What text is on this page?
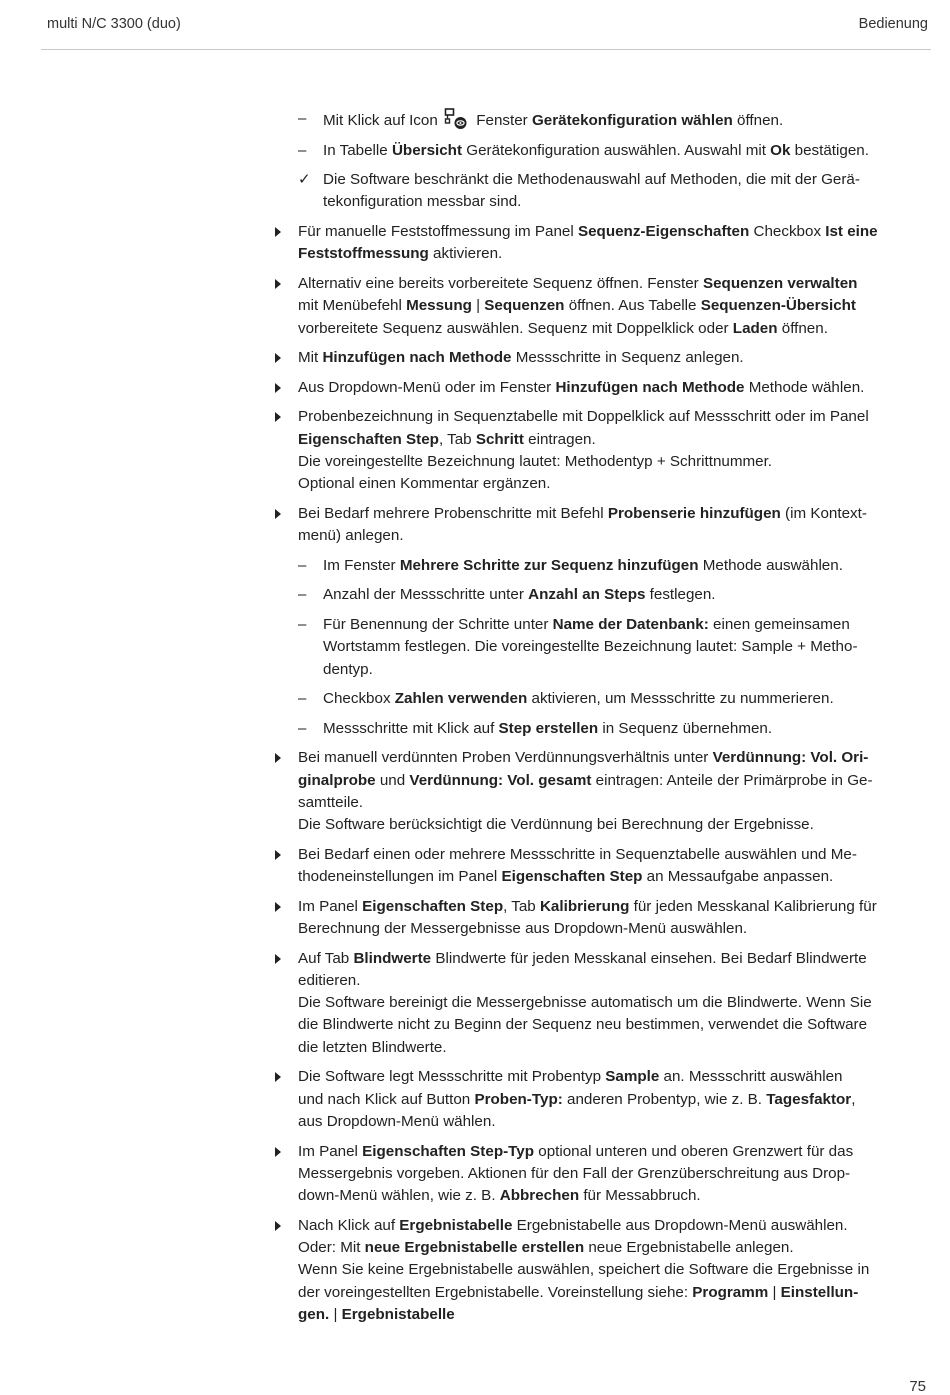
multi N/C 3300 (duo)	Bedienung
–	Mit Klick auf Icon  Fenster Gerätekonfiguration wählen öffnen.
–	In Tabelle Übersicht Gerätekonfiguration auswählen. Auswahl mit Ok bestätigen.
✓ Die Software beschränkt die Methodenauswahl auf Methoden, die mit der Gerä-
tekonfiguration messbar sind.
Für manuelle Feststoffmessung im Panel Sequenz-Eigenschaften Checkbox Ist eine
Feststoffmessung aktivieren.
Alternativ eine bereits vorbereitete Sequenz öffnen. Fenster Sequenzen verwalten
mit Menübefehl Messung | Sequenzen öffnen. Aus Tabelle Sequenzen-Übersicht
vorbereitete Sequenz auswählen. Sequenz mit Doppelklick oder Laden öffnen.
Mit Hinzufügen nach Methode Messschritte in Sequenz anlegen.
Aus Dropdown-Menü oder im Fenster Hinzufügen nach Methode Methode wählen.
Probenbezeichnung in Sequenztabelle mit Doppelklick auf Messschritt oder im Panel
Eigenschaften Step, Tab Schritt eintragen.
Die voreingestellte Bezeichnung lautet: Methodentyp + Schrittnummer.
Optional einen Kommentar ergänzen.
Bei Bedarf mehrere Probenschritte mit Befehl Probenserie hinzufügen (im Kontext-
menü) anlegen.
–	Im Fenster Mehrere Schritte zur Sequenz hinzufügen Methode auswählen.
–	Anzahl der Messschritte unter Anzahl an Steps festlegen.
–	Für Benennung der Schritte unter Name der Datenbank: einen gemeinsamen
Wortstamm festlegen. Die voreingestellte Bezeichnung lautet: Sample + Metho-
dentyp.
–	Checkbox Zahlen verwenden aktivieren, um Messschritte zu nummerieren.
–	Messschritte mit Klick auf Step erstellen in Sequenz übernehmen.
Bei manuell verdünnten Proben Verdünnungsverhältnis unter Verdünnung: Vol. Ori-
ginalprobe und Verdünnung: Vol. gesamt eintragen: Anteile der Primärprobe in Ge-
samtteile.
Die Software berücksichtigt die Verdünnung bei Berechnung der Ergebnisse.
Bei Bedarf einen oder mehrere Messschritte in Sequenztabelle auswählen und Me-
thodeneinstellungen im Panel Eigenschaften Step an Messaufgabe anpassen.
Im Panel Eigenschaften Step, Tab Kalibrierung für jeden Messkanal Kalibrierung für
Berechnung der Messergebnisse aus Dropdown-Menü auswählen.
Auf Tab Blindwerte Blindwerte für jeden Messkanal einsehen. Bei Bedarf Blindwerte
editieren.
Die Software bereinigt die Messergebnisse automatisch um die Blindwerte. Wenn Sie
die Blindwerte nicht zu Beginn der Sequenz neu bestimmen, verwendet die Software
die letzten Blindwerte.
Die Software legt Messschritte mit Probentyp Sample an. Messschritt auswählen
und nach Klick auf Button Proben-Typ: anderen Probentyp, wie z. B. Tagesfaktor,
aus Dropdown-Menü wählen.
Im Panel Eigenschaften Step-Typ optional unteren und oberen Grenzwert für das
Messergebnis vorgeben. Aktionen für den Fall der Grenzüberschreitung aus Drop-
down-Menü wählen, wie z. B. Abbrechen für Messabbruch.
Nach Klick auf Ergebnistabelle Ergebnistabelle aus Dropdown-Menü auswählen.
Oder: Mit neue Ergebnistabelle erstellen neue Ergebnistabelle anlegen.
Wenn Sie keine Ergebnistabelle auswählen, speichert die Software die Ergebnisse in
der voreingestellten Ergebnistabelle. Voreinstellung siehe: Programm | Einstellun-
gen. | Ergebnistabelle
75
